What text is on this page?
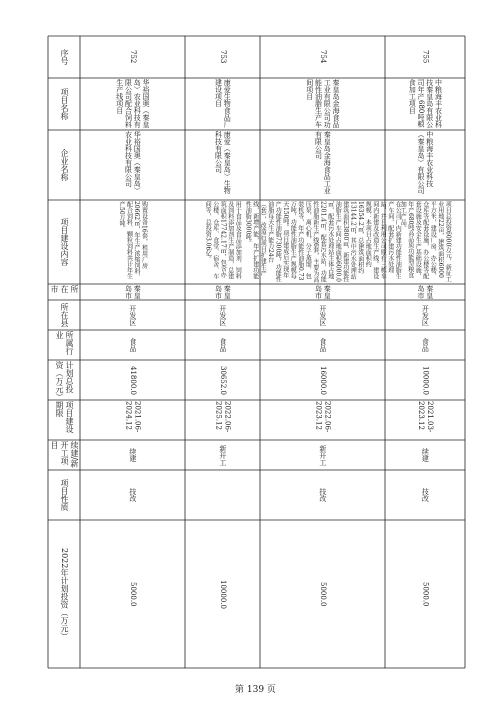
序号
项目名称
企业名称
项目建设内容
所在市
所在县
所属行业
计划总投资（万元）
项目建设期限
续建/新开工项目
项目性质
2022年计划投资（万元）
752
华裕国奥（秦皇岛）农业科技有限公司配合饲料生产线项目
华裕国奥（秦皇岛）农业科技有限公司
购置设备16套，租用厂房20662㎡，年生产浓缩饲料、配合饲料、颗粒饲料共计年生产50万吨
秦皇岛市
开发区
食品
41800.0
2021.06-2024.12
续建
技改
5000.0
753
康爱生物食品厂建设项目
康爱（秦皇岛）生物科技有限公司
用于食品及食品添加剂、饲料及饲料添加剂生产制造，总建筑面积17742.17㎡，包含办公楼、仓库、食堂、宿舍、车间等，总投资3.06亿。
秦皇岛市
开发区
食品
30652.0
2022.06-2025.12
新开工
10000.0
754
秦皇岛金海食品工业有限公司功能性油脂生产车间项目
秦皇岛金海食品工业有限公司
在公司厂内新建功能性油脂生产车间，配套扩建污水处理站，并且利用公司原有三栋车间内新建及改造生产线。建设规模：本项目占地面积约16354.2㎡，总建筑面积约13144.2㎡，其中污水处理站建筑面积3800㎡，新建功能性油脂生产车间占地面积6000.0㎡，配套污水处理站主体占地2201.4㎡，配套污水站，功能性油脂新生产线6套，主要为高压泵、离心机、分子蒸馏、包装机等，年产功能性油脂0.73万吨，功能性油脂生产规模每天150吨。项目建成后实现年产功能性油脂7300吨，功能性油脂每天生产能力24台（套），改造后项目扩建生产线，新增产能，年产扩建功能性油脂3000吨。
秦皇岛市
开发区
食品
16000.0
2022.06-2023.12
新开工
技改
5000.0
755
中粮海丰农业科技秦皇岛有限公司年产680吨粮食加工项目
中粮海丰农业科技（秦皇岛）有限公司
项目总投资6000万元，新征工业用地22亩，建筑面积6000平方米，建设厂房、办公楼、仓库等配套设施，办公楼等配套设施及安全生产基础设施，年产680吨高品质功能型粮食加工产品。
秦皇岛市
开发区
食品
10000.0
2021.03-2023.12
续建
技改
5000.0
第 139 页
